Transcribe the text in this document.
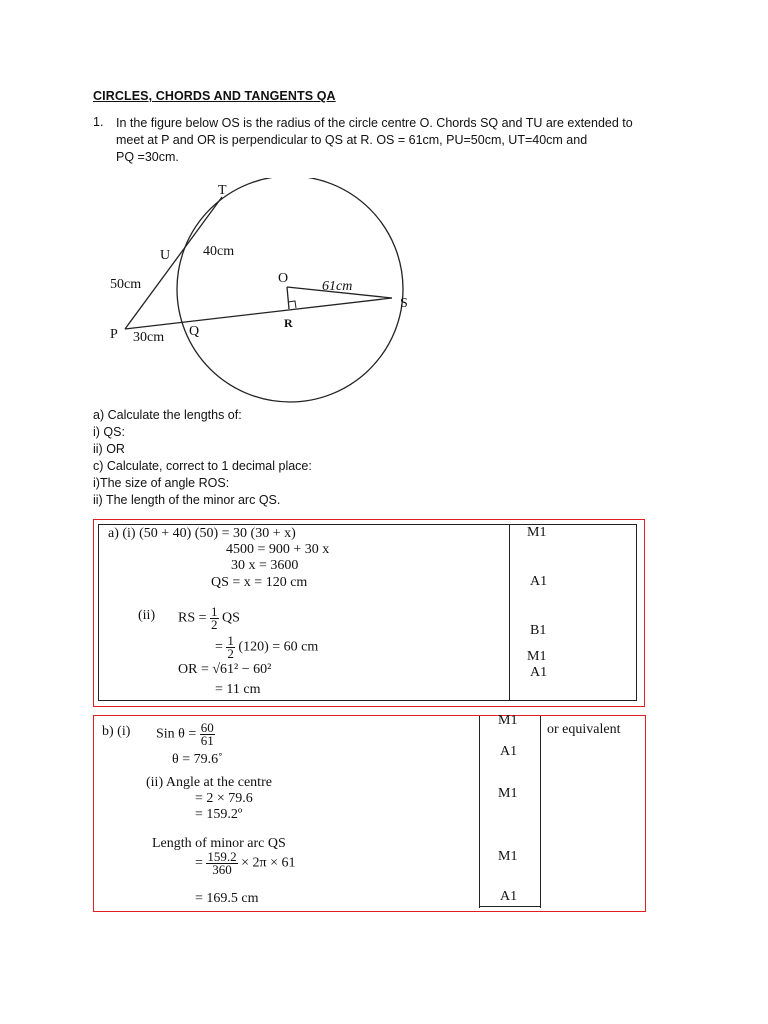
CIRCLES, CHORDS AND TANGENTS QA
1. In the figure below OS is the radius of the circle centre O. Chords SQ and TU are extended to
meet at P and OR is perpendicular to QS at R. OS = 61cm, PU=50cm, UT=40cm and
PQ =30cm.
T
40cm
U
50cm	O
61cm
S
P 30cm Q
R
a) Calculate the lengths of:
i) QS:
ii) OR
c) Calculate, correct to 1 decimal place:
i)The size of angle ROS:
ii) The length of the minor arc QS.
a) (i) (50 + 40) (50) = 30 (30 + x)
4500 = 900 + 30 x
30 x = 3600
QS = x = 120 cm
(ii) RS = $\frac{1}{2}$ QS
= $\frac{1}{2} (120) = 60$ cm
OR = √61² − 60²
= 11 cm
M1
A1
B1
M1
A1
b) (i) Sin $\theta = \frac{60}{61}$
θ = 79.6˚
(ii) Angle at the centre
= 2 × 79.6
= 159.2º
Length of minor arc QS
= $\frac{159.2}{360} \times 2\pi \times 61$
= 169.5 cm
M1
A1
M1
M1
A1
or equivalent
